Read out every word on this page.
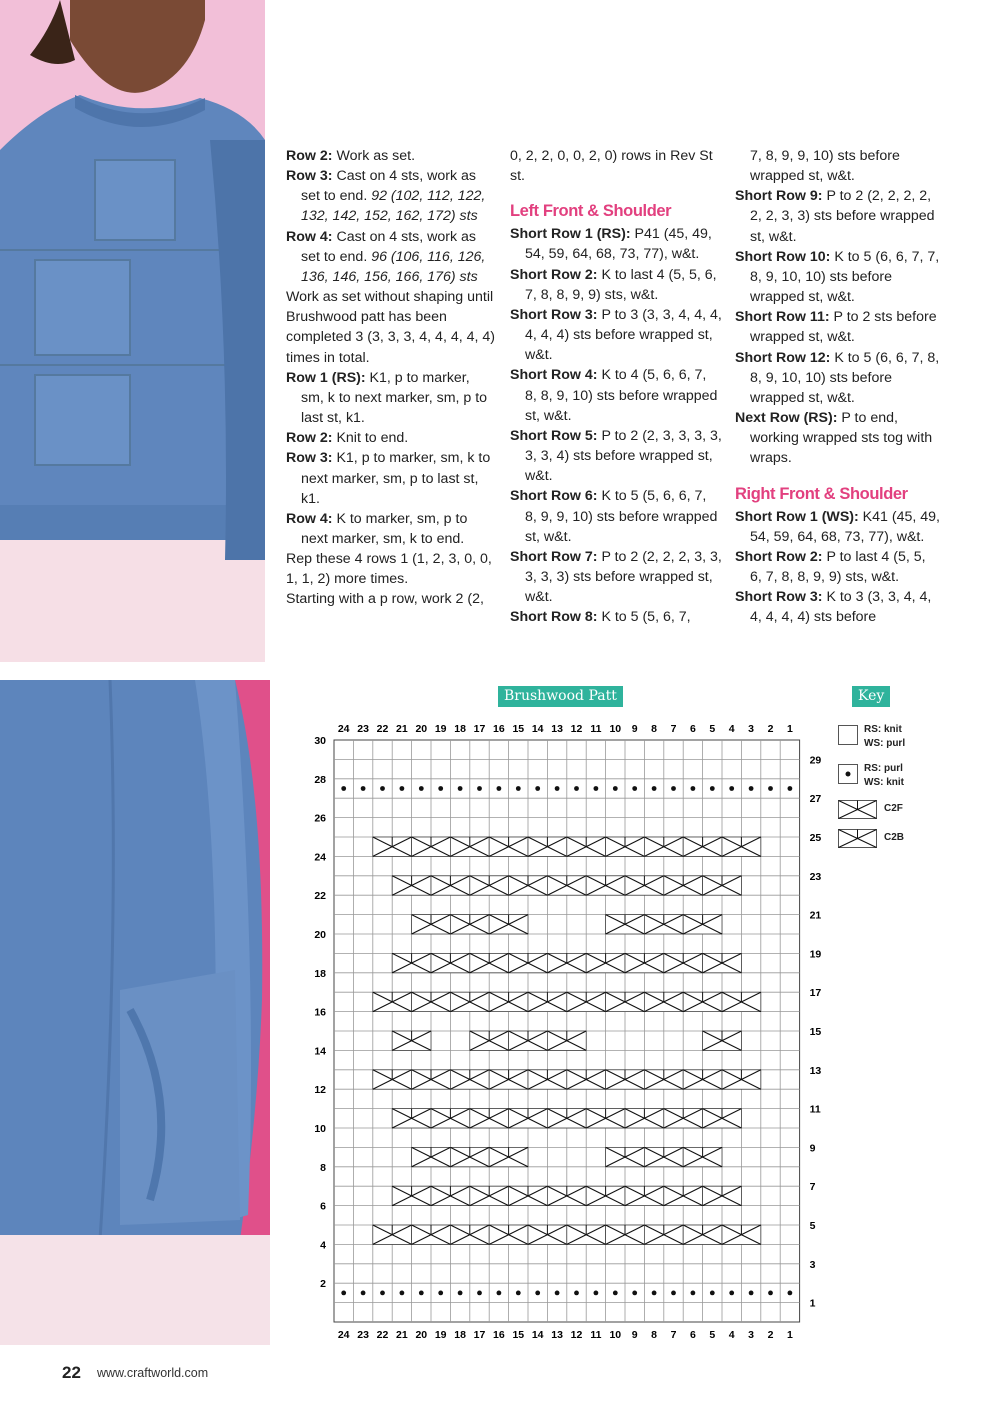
Row 2: Work as set.

Row 3: Cast on 4 sts, work as set to end. 92 (102, 112, 122, 132, 142, 152, 162, 172) sts

Row 4: Cast on 4 sts, work as set to end. 96 (106, 116, 126, 136, 146, 156, 166, 176) sts

Work as set without shaping until Brushwood patt has been completed 3 (3, 3, 3, 4, 4, 4, 4, 4) times in total.

Row 1 (RS): K1, p to marker, sm, k to next marker, sm, p to last st, k1.

Row 2: Knit to end.

Row 3: K1, p to marker, sm, k to next marker, sm, p to last st, k1.

Row 4: K to marker, sm, p to next marker, sm, k to end.

Rep these 4 rows 1 (1, 2, 3, 0, 0, 1, 1, 2) more times.

Starting with a p row, work 2 (2,

0, 2, 2, 0, 0, 2, 0) rows in Rev St st.

Left Front & Shoulder

Short Row 1 (RS): P41 (45, 49, 54, 59, 64, 68, 73, 77), w&t.

Short Row 2: K to last 4 (5, 5, 6, 7, 8, 8, 9, 9) sts, w&t.

Short Row 3: P to 3 (3, 3, 4, 4, 4, 4, 4, 4) sts before wrapped st, w&t.

Short Row 4: K to 4 (5, 6, 6, 7, 8, 8, 9, 10) sts before wrapped st, w&t.

Short Row 5: P to 2 (2, 3, 3, 3, 3, 3, 3, 4) sts before wrapped st, w&t.

Short Row 6: K to 5 (5, 6, 6, 7, 8, 9, 9, 10) sts before wrapped st, w&t.

Short Row 7: P to 2 (2, 2, 2, 3, 3, 3, 3, 3) sts before wrapped st, w&t.

Short Row 8: K to 5 (5, 6, 7,

7, 8, 9, 9, 10) sts before wrapped st, w&t.

Short Row 9: P to 2 (2, 2, 2, 2, 2, 2, 3, 3) sts before wrapped st, w&t.

Short Row 10: K to 5 (6, 6, 7, 7, 8, 9, 10, 10) sts before wrapped st, w&t.

Short Row 11: P to 2 sts before wrapped st, w&t.

Short Row 12: K to 5 (6, 6, 7, 8, 8, 9, 10, 10) sts before wrapped st, w&t.

Next Row (RS): P to end, working wrapped sts tog with wraps.

Right Front & Shoulder

Short Row 1 (WS): K41 (45, 49, 54, 59, 64, 68, 73, 77), w&t.

Short Row 2: P to last 4 (5, 5, 6, 7, 8, 8, 9, 9) sts, w&t.

Short Row 3: K to 3 (3, 3, 4, 4, 4, 4, 4, 4) sts before

Brushwood Patt	Key
24
24
23
23
22
22
21
21
20
20
19
19
18
18
17
17
16
16
15
15
14
14
13
13
12
12
11
11
10
10
9
9
8
8
7
7
6
6
5
5
4
4
3
3
2
2
1
1
30
28
26
24
22
20
18
16
14
12
10
8
6
4
2
29
27
25
23
21
19
17
15
13
11
9
7
5
3
1
RS: knit
WS: purl
RS: purl
WS: knit
C2F
C2B
22 www.craftworld.com
